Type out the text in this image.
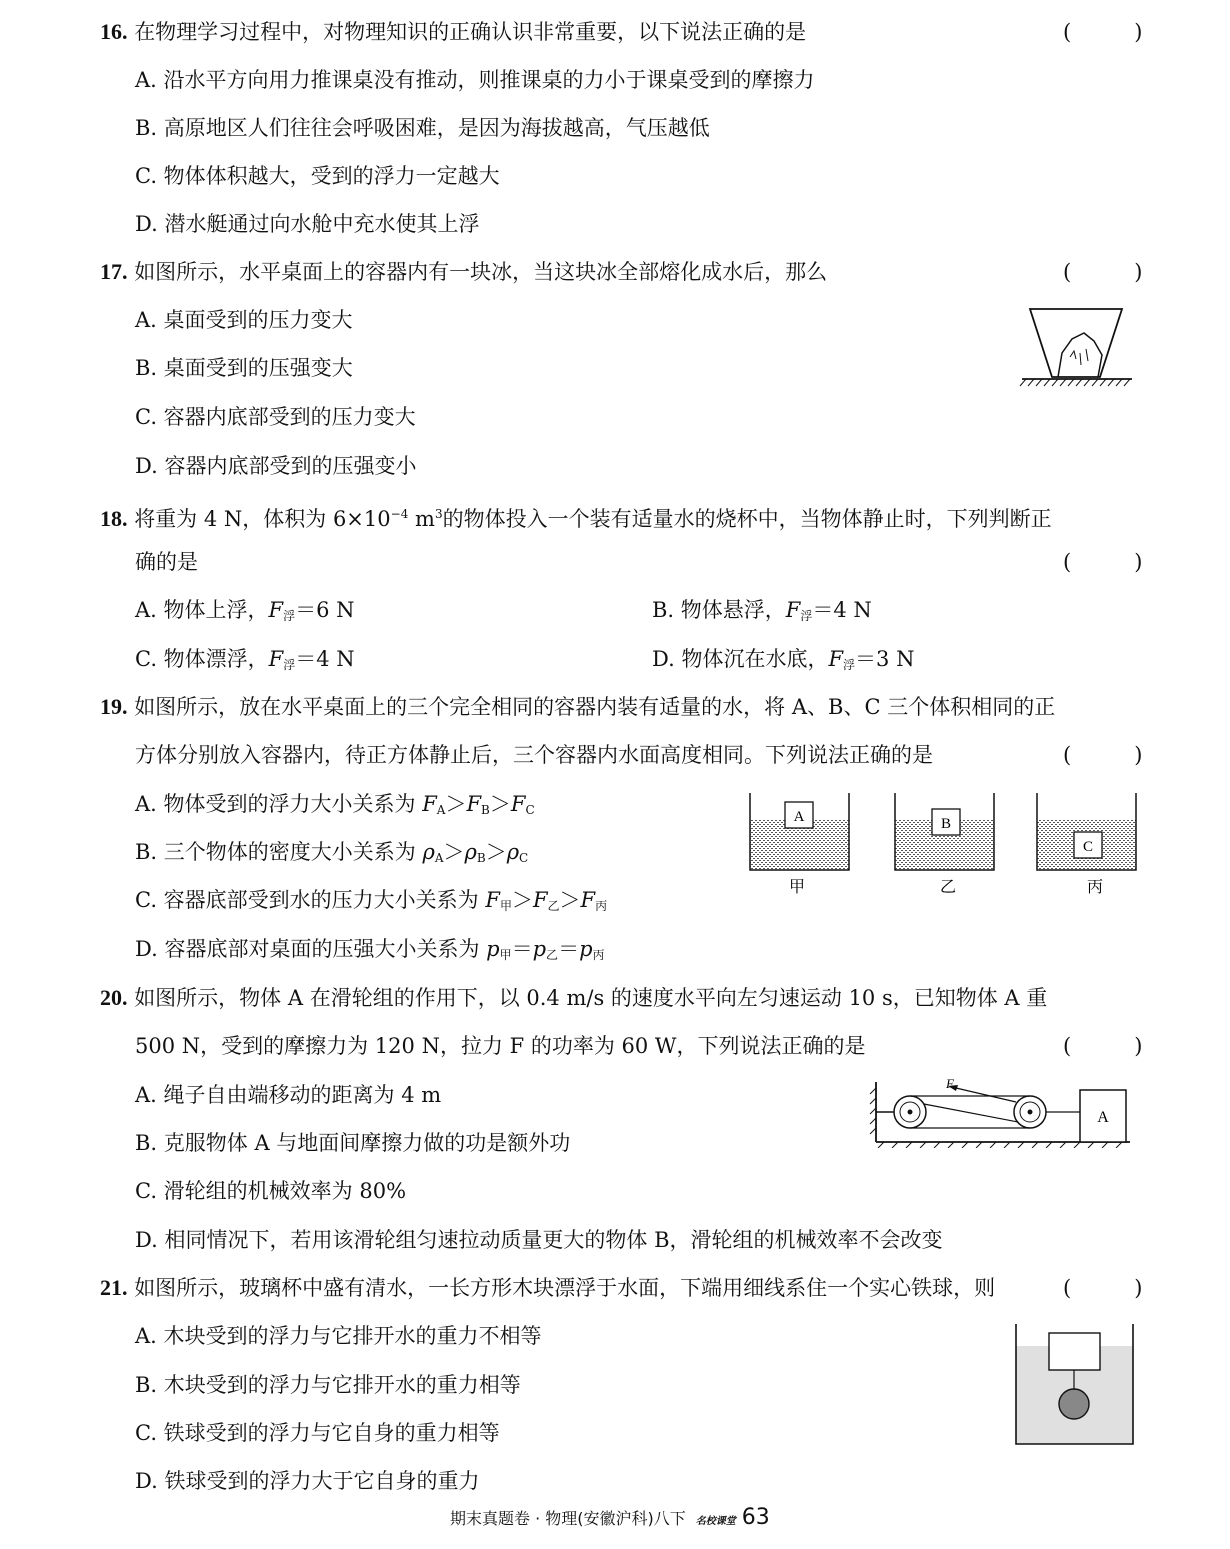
16. 在物理学习过程中，对物理知识的正确认识非常重要，以下说法正确的是	(　　　)
A. 沿水平方向用力推课桌没有推动，则推课桌的力小于课桌受到的摩擦力
B. 高原地区人们往往会呼吸困难，是因为海拔越高，气压越低
C. 物体体积越大，受到的浮力一定越大
D. 潜水艇通过向水舱中充水使其上浮
17. 如图所示，水平桌面上的容器内有一块冰，当这块冰全部熔化成水后，那么	(　　　)
A. 桌面受到的压力变大
B. 桌面受到的压强变大
C. 容器内底部受到的压力变大
D. 容器内底部受到的压强变小
18. 将重为 4 N，体积为 $6\times 10^{-4}$ $m^3$的物体投入一个装有适量水的烧杯中，当物体静止时，下列判断正
确的是	(　　　)
A. 物体上浮，$F_浮=6$ N	B. 物体悬浮，$F_浮=4$ N
C. 物体漂浮，$F_浮=4$ N	D. 物体沉在水底，$F_浮=3$ N
19. 如图所示，放在水平桌面上的三个完全相同的容器内装有适量的水，将 A、B、C 三个体积相同的正
方体分别放入容器内，待正方体静止后，三个容器内水面高度相同。下列说法正确的是	(　　　)
A. 物体受到的浮力大小关系为 $F_A>F_B>F_C$
B. 三个物体的密度大小关系为 $\rho_A>\rho_B>\rho_C$
C. 容器底部受到水的压力大小关系为 $F_甲>F_乙>F_丙$
D. 容器底部对桌面的压强大小关系为 $p_甲=p_乙=p_丙$
A
甲
B
乙
C
丙
20. 如图所示，物体 A 在滑轮组的作用下，以 0.4 m/s 的速度水平向左匀速运动 10 s，已知物体 A 重
500 N，受到的摩擦力为 120 N，拉力 F 的功率为 60 W，下列说法正确的是	(　　　)
A. 绳子自由端移动的距离为 4 m
B. 克服物体 A 与地面间摩擦力做的功是额外功
C. 滑轮组的机械效率为 80%
D. 相同情况下，若用该滑轮组匀速拉动质量更大的物体 B，滑轮组的机械效率不会改变
F
A
21. 如图所示，玻璃杯中盛有清水，一长方形木块漂浮于水面，下端用细线系住一个实心铁球，则	(　　　)
A. 木块受到的浮力与它排开水的重力不相等
B. 木块受到的浮力与它排开水的重力相等
C. 铁球受到的浮力与它自身的重力相等
D. 铁球受到的浮力大于它自身的重力
期末真题卷 · 物理(安徽沪科)八下 名校课堂 63
